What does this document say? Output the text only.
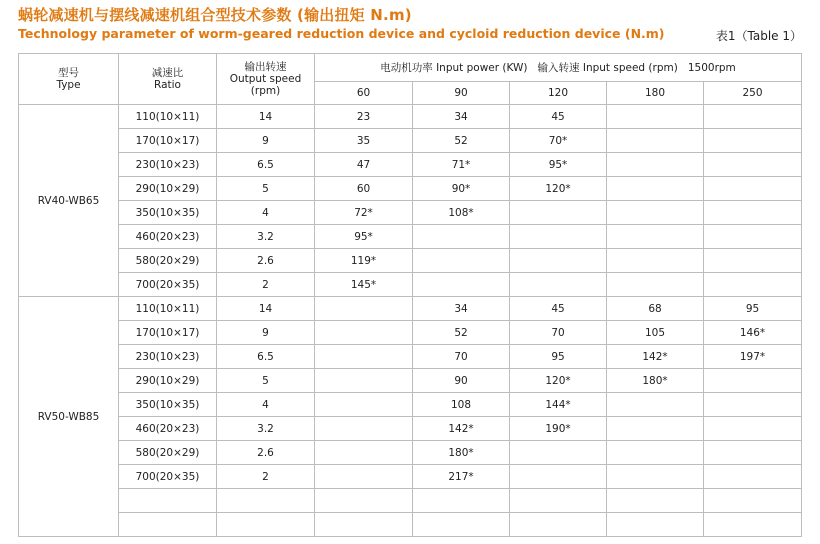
蜗轮减速机与摆线减速机组合型技术参数 (输出扭矩 N.m)
Technology parameter of worm-geared reduction device and cycloid reduction device (N.m)	表1（Table 1）
型号
Type	减速比
Ratio	输出转速
Output speed
(rpm)	电动机功率 Input power (KW)   输入转速 Input speed (rpm)   1500rpm				
			60	90	120	180	250
RV40-WB65	110(10×11)	14	23	34	45		
	170(10×17)	9	35	52	70*		
	230(10×23)	6.5	47	71*	95*		
	290(10×29)	5	60	90*	120*		
	350(10×35)	4	72*	108*			
	460(20×23)	3.2	95*				
	580(20×29)	2.6	119*				
	700(20×35)	2	145*				
RV50-WB85	110(10×11)	14		34	45	68	95
	170(10×17)	9		52	70	105	146*
	230(10×23)	6.5		70	95	142*	197*
	290(10×29)	5		90	120*	180*	
	350(10×35)	4		108	144*		
	460(20×23)	3.2		142*	190*		
	580(20×29)	2.6		180*			
	700(20×35)	2		217*			
